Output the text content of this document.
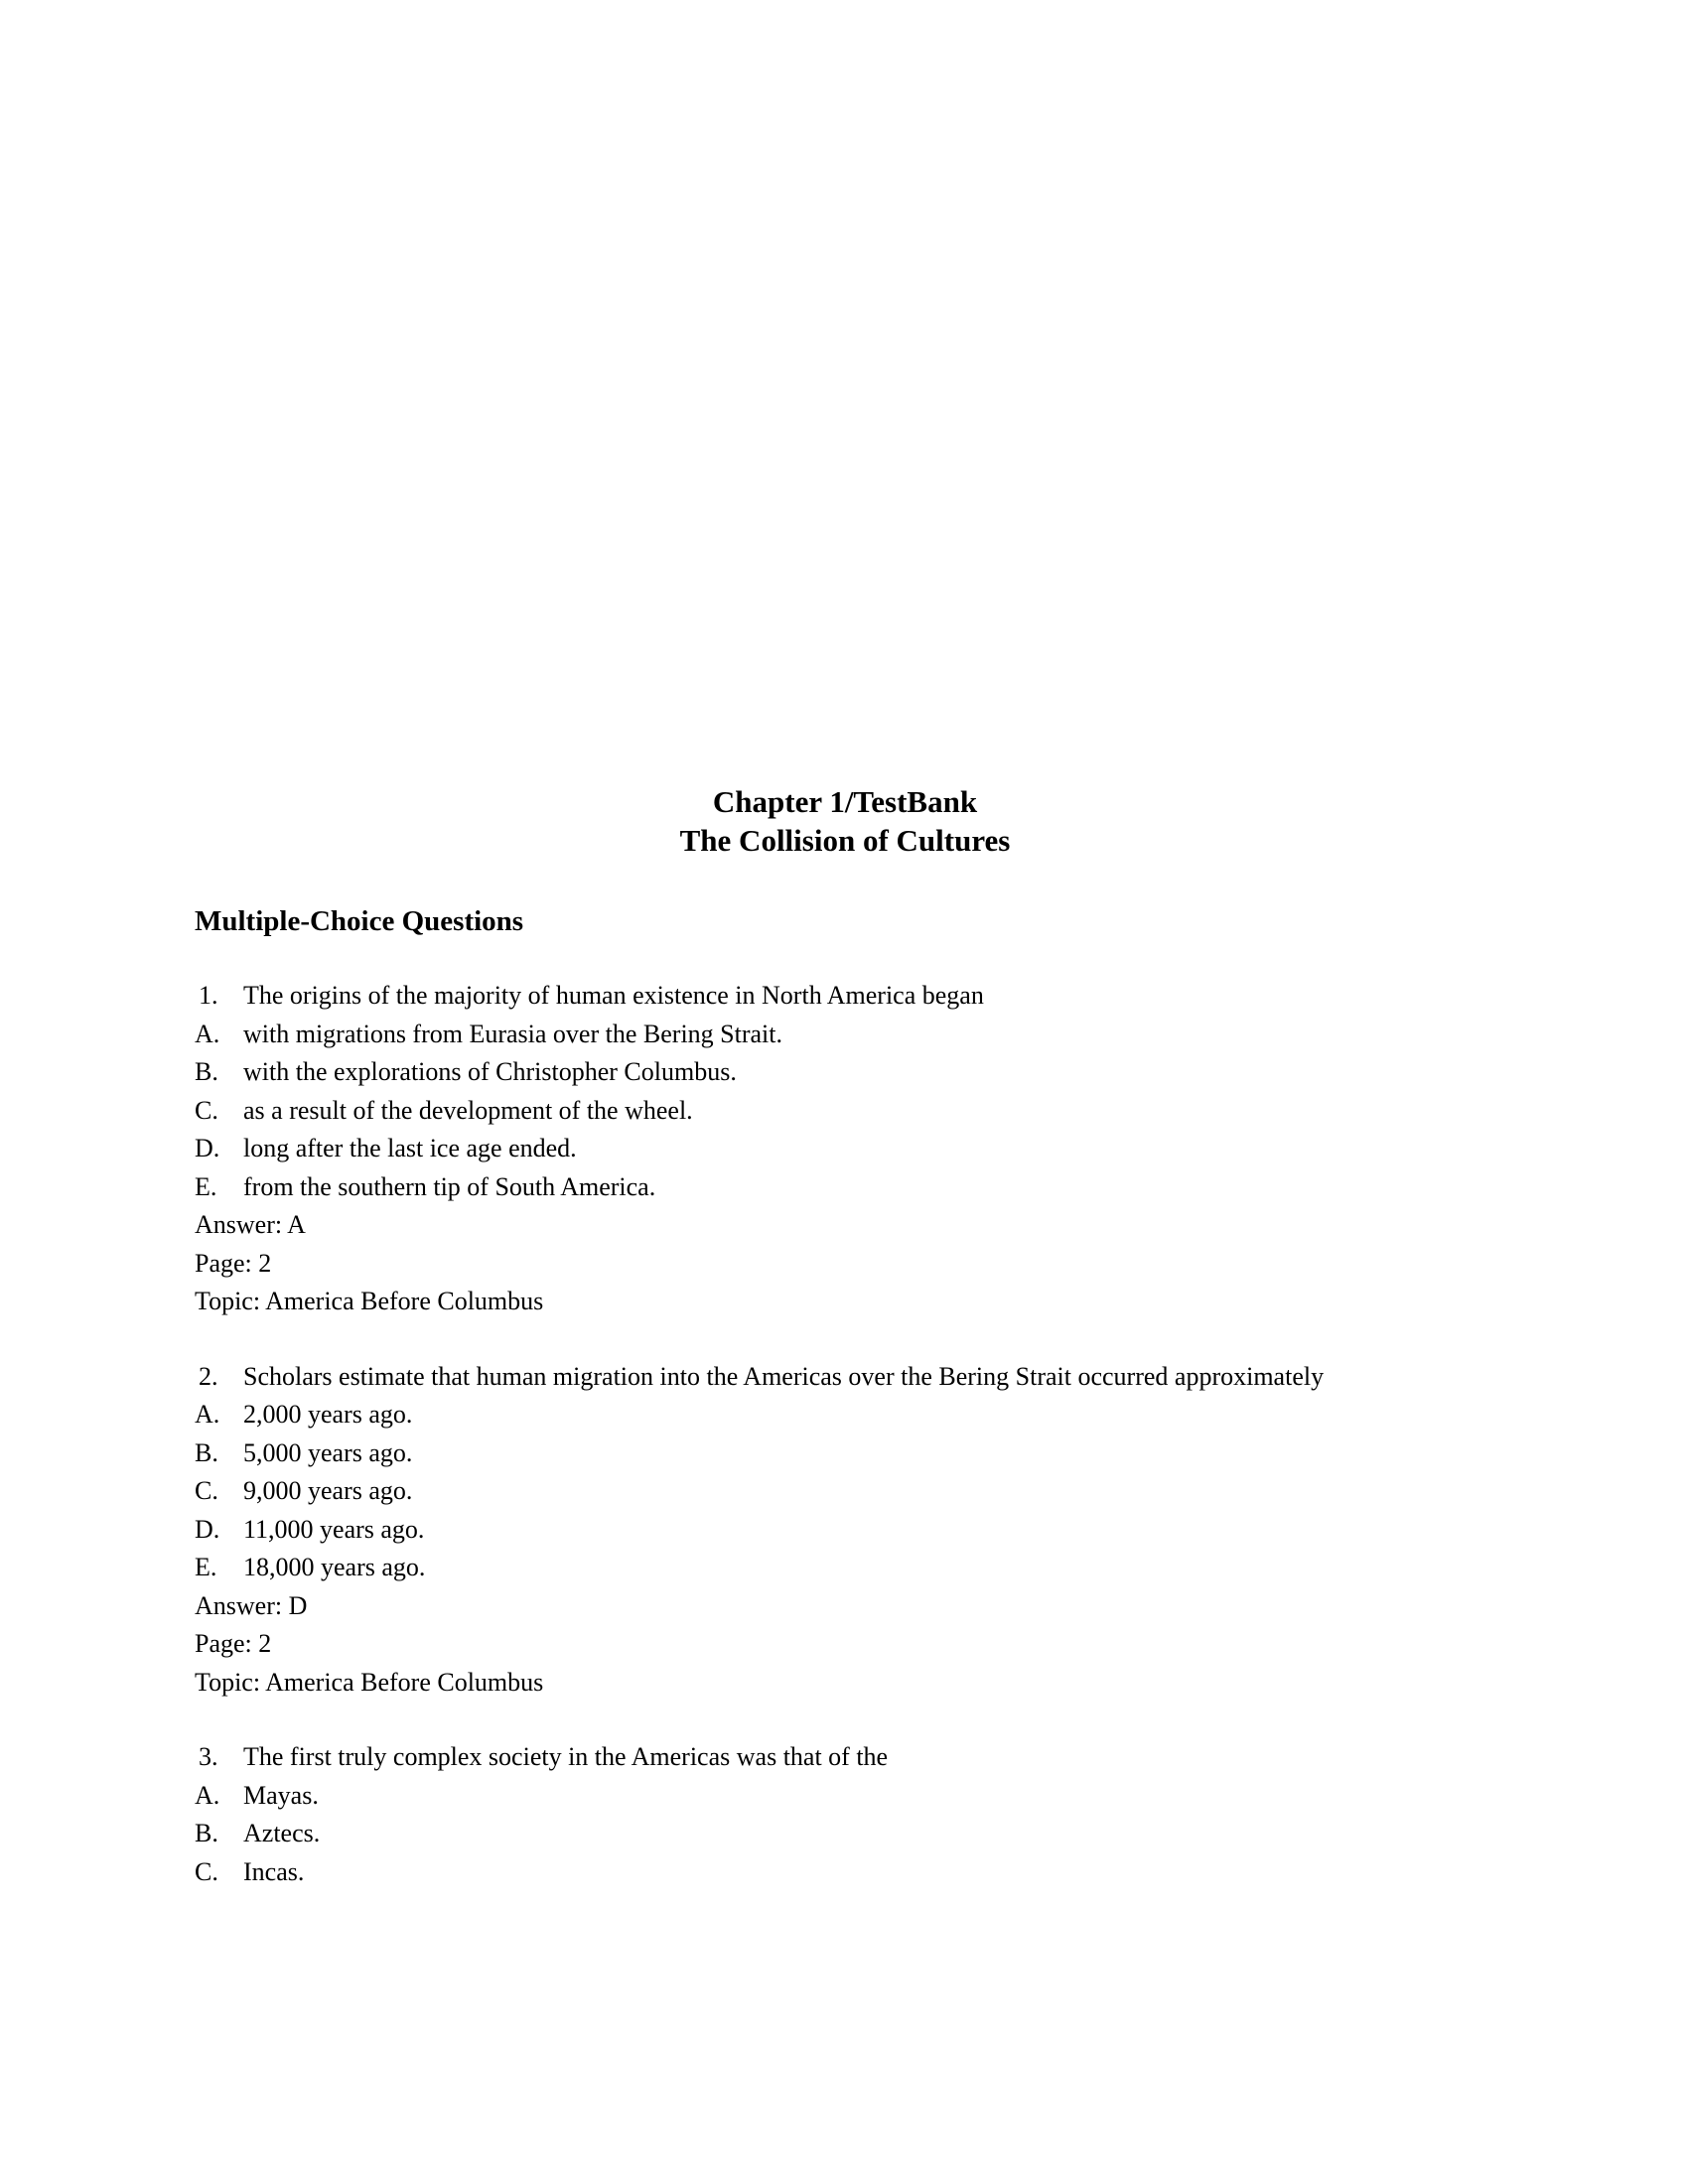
Chapter 1/TestBank
The Collision of Cultures
Multiple-Choice Questions
1. The origins of the majority of human existence in North America began
A. with migrations from Eurasia over the Bering Strait.
B. with the explorations of Christopher Columbus.
C. as a result of the development of the wheel.
D. long after the last ice age ended.
E. from the southern tip of South America.
Answer: A
Page: 2
Topic: America Before Columbus
2. Scholars estimate that human migration into the Americas over the Bering Strait occurred approximately
A. 2,000 years ago.
B. 5,000 years ago.
C. 9,000 years ago.
D. 11,000 years ago.
E. 18,000 years ago.
Answer: D
Page: 2
Topic: America Before Columbus
3. The first truly complex society in the Americas was that of the
A. Mayas.
B. Aztecs.
C. Incas.
